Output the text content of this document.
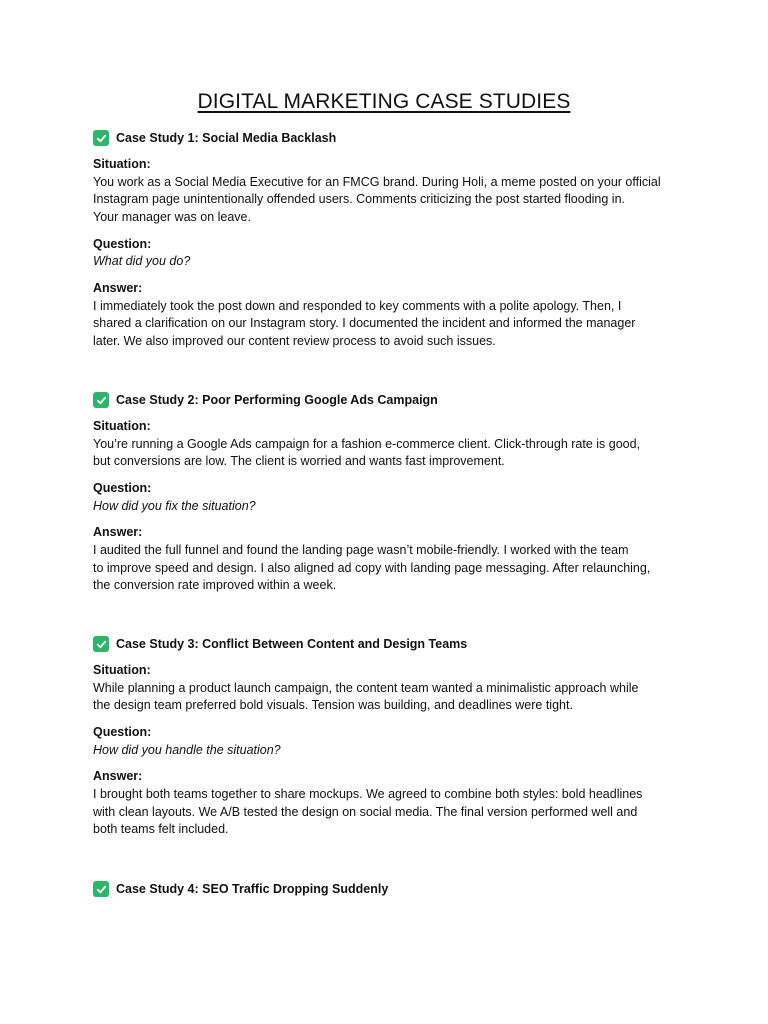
DIGITAL MARKETING CASE STUDIES
Case Study 1: Social Media Backlash
Situation:
You work as a Social Media Executive for an FMCG brand. During Holi, a meme posted on your official
Instagram page unintentionally offended users. Comments criticizing the post started flooding in.
Your manager was on leave.
Question:
What did you do?
Answer:
I immediately took the post down and responded to key comments with a polite apology. Then, I
shared a clarification on our Instagram story. I documented the incident and informed the manager
later. We also improved our content review process to avoid such issues.
Case Study 2: Poor Performing Google Ads Campaign
Situation:
You’re running a Google Ads campaign for a fashion e-commerce client. Click-through rate is good,
but conversions are low. The client is worried and wants fast improvement.
Question:
How did you fix the situation?
Answer:
I audited the full funnel and found the landing page wasn’t mobile-friendly. I worked with the team
to improve speed and design. I also aligned ad copy with landing page messaging. After relaunching,
the conversion rate improved within a week.
Case Study 3: Conflict Between Content and Design Teams
Situation:
While planning a product launch campaign, the content team wanted a minimalistic approach while
the design team preferred bold visuals. Tension was building, and deadlines were tight.
Question:
How did you handle the situation?
Answer:
I brought both teams together to share mockups. We agreed to combine both styles: bold headlines
with clean layouts. We A/B tested the design on social media. The final version performed well and
both teams felt included.
Case Study 4: SEO Traffic Dropping Suddenly
